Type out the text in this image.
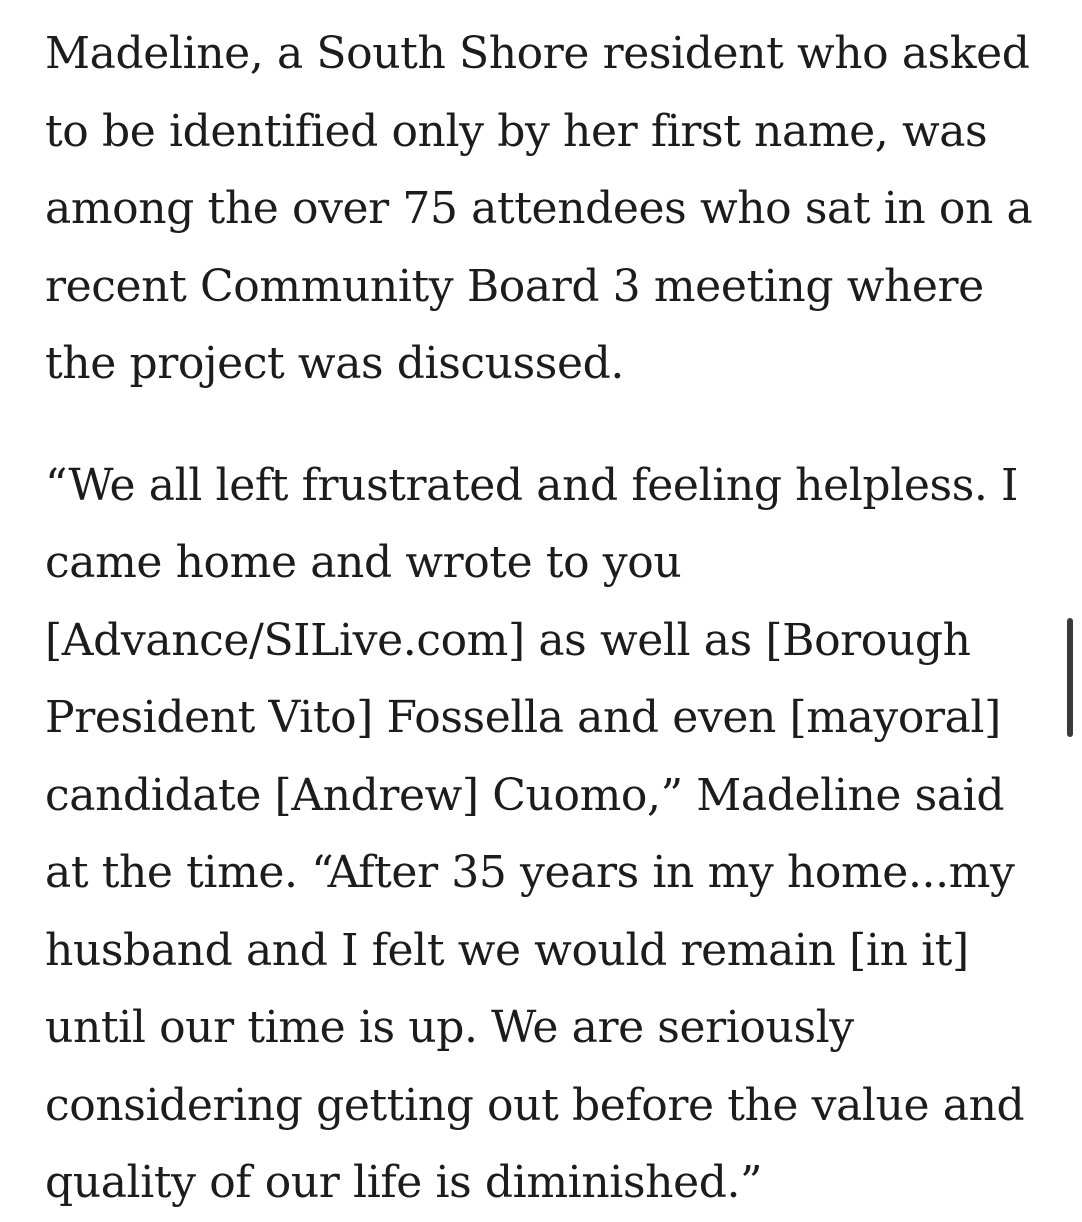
Madeline, a South Shore resident who asked
to be identified only by her first name, was
among the over 75 attendees who sat in on a
recent Community Board 3 meeting where
the project was discussed.

“We all left frustrated and feeling helpless. I
came home and wrote to you
[Advance/SILive.com] as well as [Borough
President Vito] Fossella and even [mayoral]
candidate [Andrew] Cuomo,” Madeline said
at the time. “After 35 years in my home...my
husband and I felt we would remain [in it]
until our time is up. We are seriously
considering getting out before the value and
quality of our life is diminished.”
